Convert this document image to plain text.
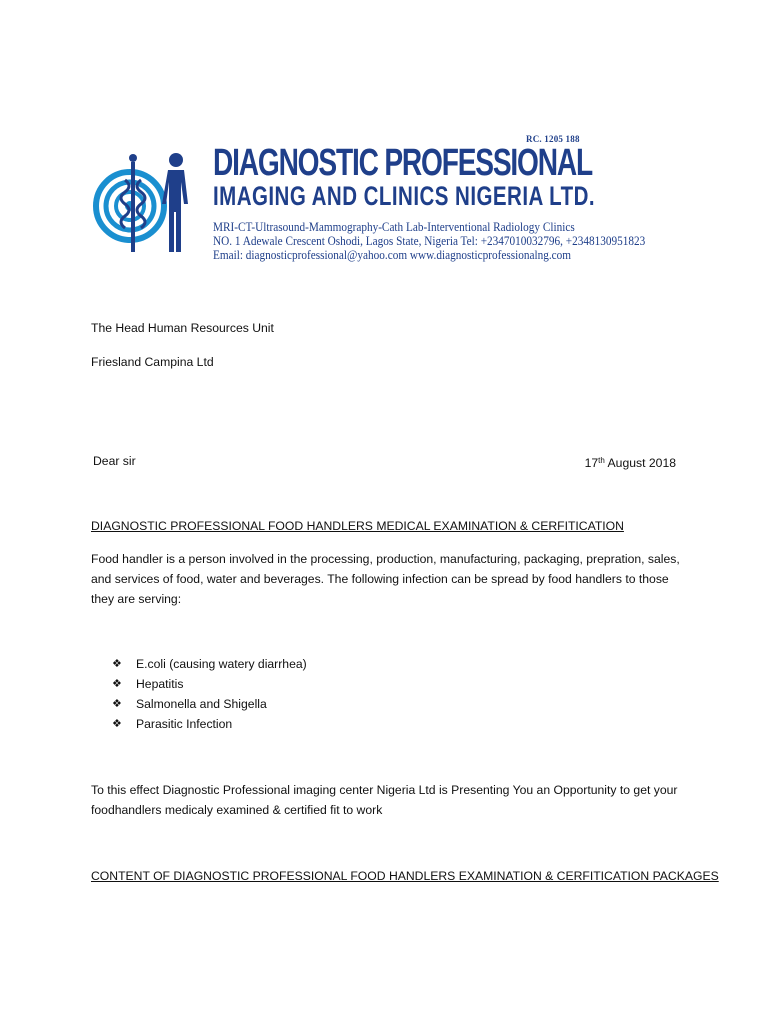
RC. 1205 188
DIAGNOSTIC PROFESSIONAL
IMAGING AND CLINICS NIGERIA LTD.

MRI-CT-Ultrasound-Mammography-Cath Lab-Interventional Radiology Clinics

NO. 1 Adewale Crescent Oshodi, Lagos State, Nigeria Tel: +2347010032796, +2348130951823

Email: diagnosticprofessional@yahoo.com www.diagnosticprofessionalng.com

The Head Human Resources Unit

Friesland Campina Ltd

Dear sir	17th August 2018

DIAGNOSTIC PROFESSIONAL FOOD HANDLERS MEDICAL EXAMINATION & CERFITICATION

Food handler is a person involved in the processing, production, manufacturing, packaging, prepration, sales, and services of food, water and beverages. The following infection can be spread by food handlers to those they are serving:

❖ E.coli (causing watery diarrhea)
❖ Hepatitis
❖ Salmonella and Shigella
❖ Parasitic Infection

To this effect Diagnostic Professional imaging center Nigeria Ltd is Presenting You an Opportunity to get your foodhandlers medicaly examined & certified fit to work

CONTENT OF DIAGNOSTIC PROFESSIONAL FOOD HANDLERS EXAMINATION & CERFITICATION PACKAGES
